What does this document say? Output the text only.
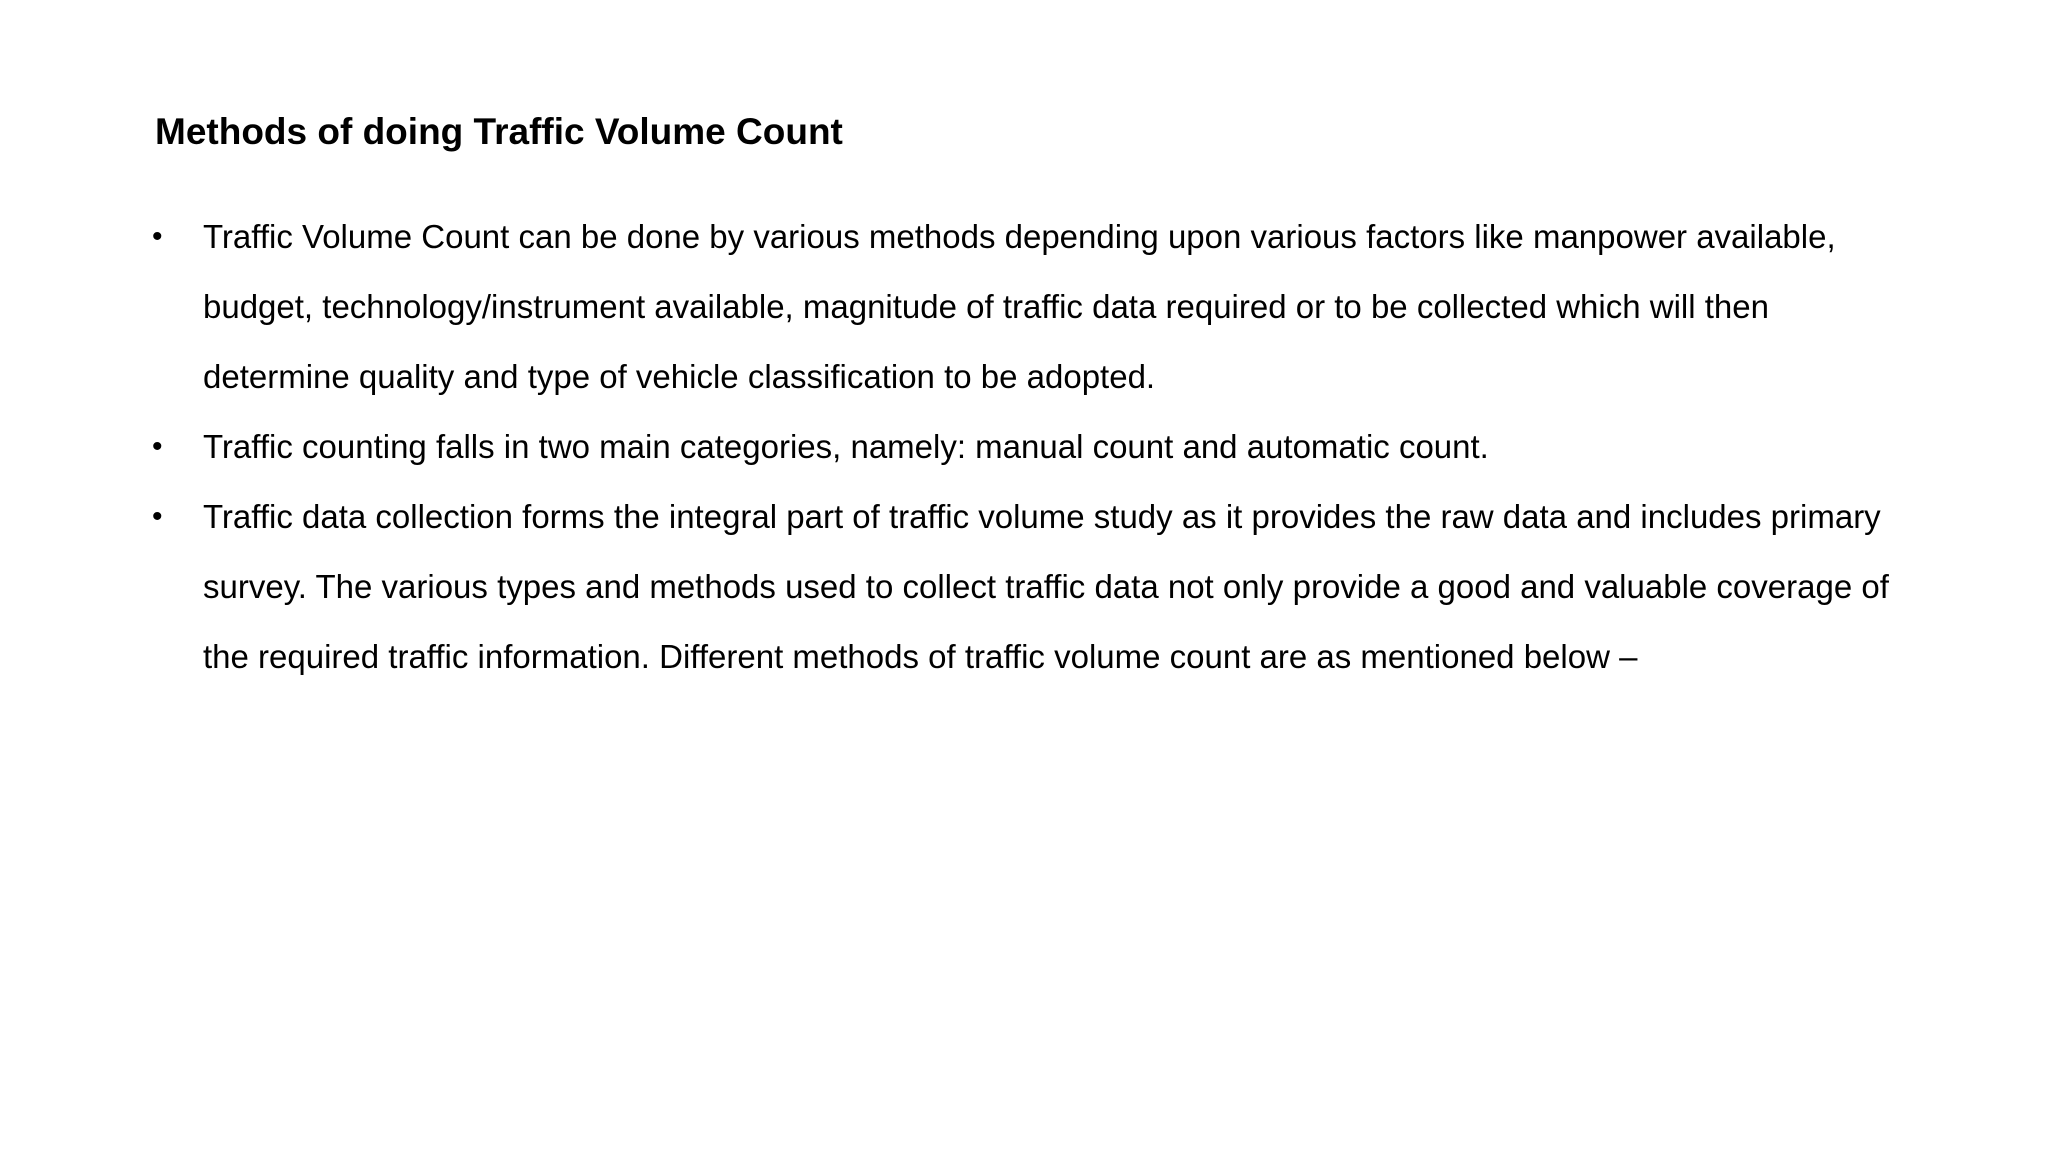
Methods of doing Traffic Volume Count
• Traffic Volume Count can be done by various methods depending upon various factors like manpower available, budget, technology/instrument available, magnitude of traffic data required or to be collected which will then determine quality and type of vehicle classification to be adopted.
• Traffic counting falls in two main categories, namely: manual count and automatic count.
• Traffic data collection forms the integral part of traffic volume study as it provides the raw data and includes primary survey. The various types and methods used to collect traffic data not only provide a good and valuable coverage of the required traffic information. Different methods of traffic volume count are as mentioned below –
